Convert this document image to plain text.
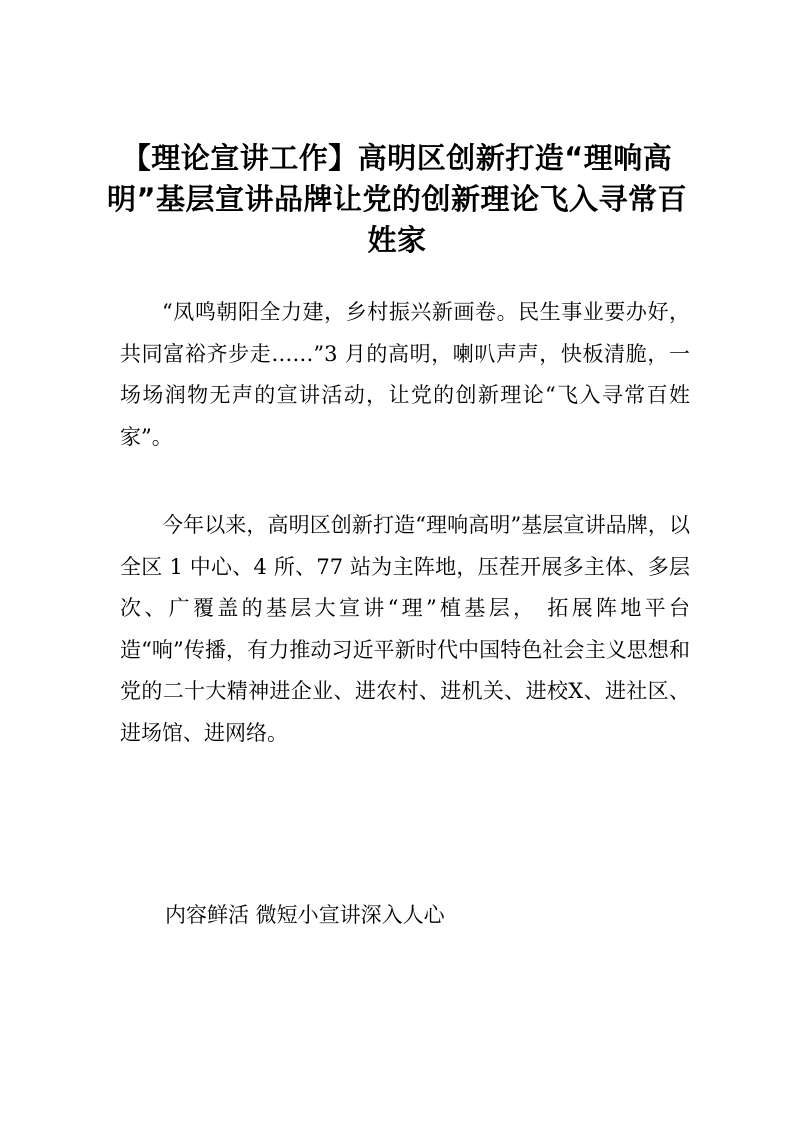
【理论宣讲工作】高明区创新打造“理响高明”基层宣讲品牌让党的创新理论飞入寻常百姓家

“凤鸣朝阳全力建，乡村振兴新画卷。民生事业要办好，共同富裕齐步走……”3 月的高明，喇叭声声，快板清脆，一场场润物无声的宣讲活动，让党的创新理论“飞入寻常百姓家”。

今年以来，高明区创新打造“理响高明”基层宣讲品牌，以全区 1 中心、4 所、77 站为主阵地，压茬开展多主体、多层次、广覆盖的基层大宣讲“理”植基层， 拓展阵地平台造“响”传播，有力推动习近平新时代中国特色社会主义思想和党的二十大精神进企业、进农村、进机关、进校X、进社区、进场馆、进网络。

内容鲜活 微短小宣讲深入人心
